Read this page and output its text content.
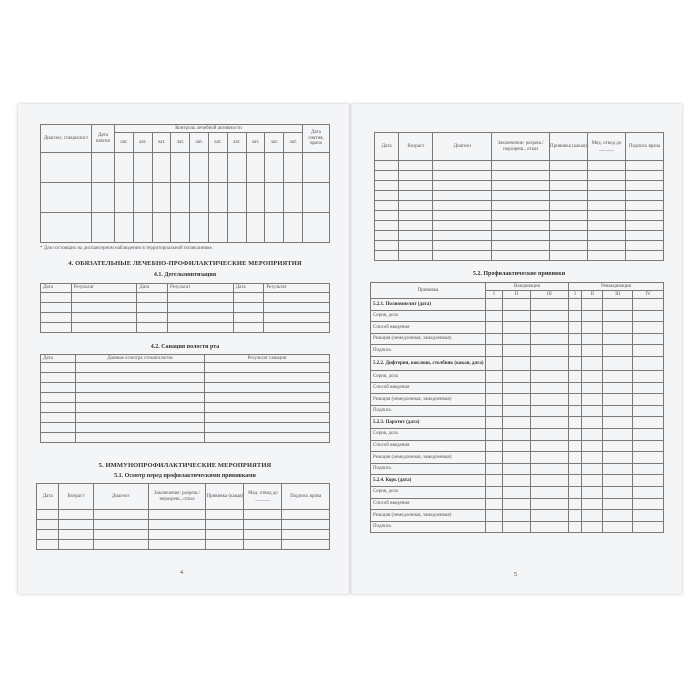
Диагноз, специалист	Дата взятия	Контроль лечебной активности										Дата снятия, врача
		лат.	лат.	лат.	лат.	лат.	лат.	лат.	лат.	лат.	лат.	

* Для состоящих на диспансерном наблюдении в территориальной поликлинике.
4. ОБЯЗАТЕЛЬНЫЕ ЛЕЧЕБНО-ПРОФИЛАКТИЧЕСКИЕ МЕРОПРИЯТИЯ
4.1. Дегельминтизация
Дата	Результат	Дата	Результат	Дата	Результат

4.2. Санация полости рта
Дата	Данные осмотра стоматологом	Результат санации

5. ИММУНОПРОФИЛАКТИЧЕСКИЕ МЕРОПРИЯТИЯ
5.1. Осмотр перед профилактическими прививками
Дата	Возраст	Диагноз	Заключение: разреш./неразреш., отказ	Прививка (какая)	Мед. отвод до ______	Подпись врача

4
Дата	Возраст	Диагноз	Заключение: разреш./неразреш., отказ	Прививка (какая)	Мед. отвод до ______	Подпись врача

5.2. Профилактические прививки
Прививка	Вакцинация			Ревакцинация			
	I	II	III	I	II	III	IV
5.2.1. Полиомиелит (дата)							
Серия, доза							
Способ введения							
Реакция (немедленная, замедленная)							
Подпись							
5.2.2. Дифтерия, коклюш, столбняк (какая, дата)							
Серия, доза							
Способ введения							
Реакция (немедленная, замедленная)							
Подпись							
5.2.3. Паротит (дата)							
Серия, доза							
Способ введения							
Реакция (немедленная, замедленная)							
Подпись							
5.2.4. Корь (дата)							
Серия, доза							
Способ введения							
Реакция (немедленная, замедленная)							
Подпись							
5
